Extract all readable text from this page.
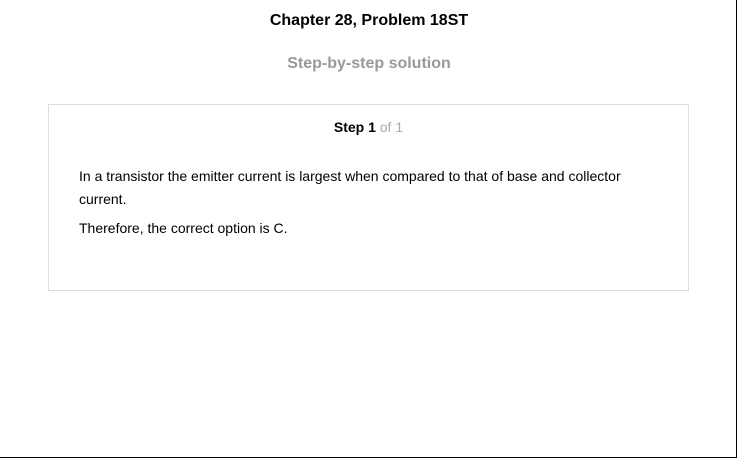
Chapter 28, Problem 18ST
Step-by-step solution
Step 1 of 1

In a transistor the emitter current is largest when compared to that of base and collector current.

Therefore, the correct option is C.
